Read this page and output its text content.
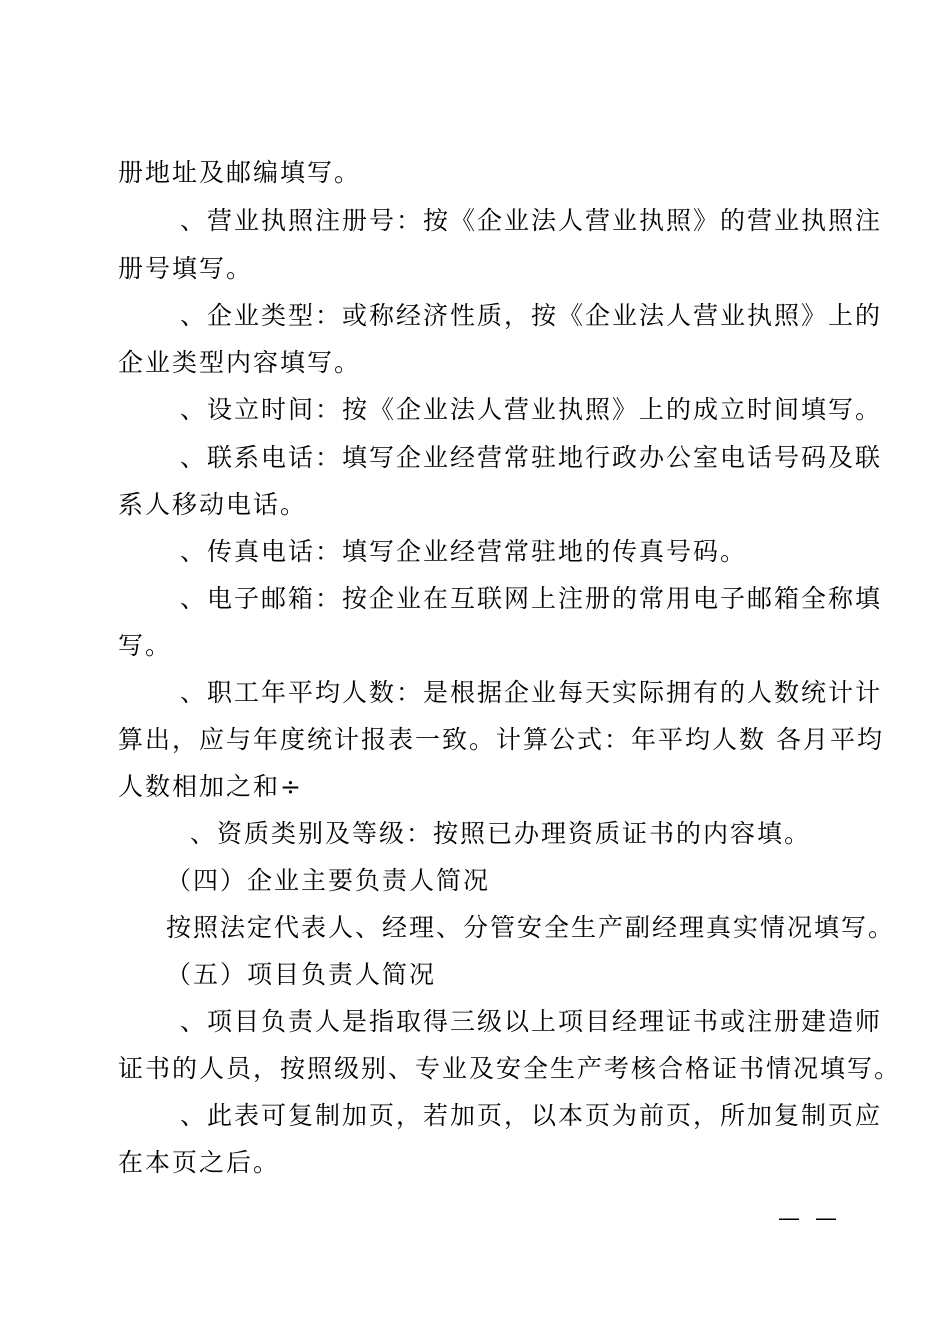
册地址及邮编填写。
、营业执照注册号：按《企业法人营业执照》的营业执照注
册号填写。
、企业类型：或称经济性质，按《企业法人营业执照》上的
企业类型内容填写。
、设立时间：按《企业法人营业执照》上的成立时间填写。
、联系电话：填写企业经营常驻地行政办公室电话号码及联
系人移动电话。
、传真电话：填写企业经营常驻地的传真号码。
、电子邮箱：按企业在互联网上注册的常用电子邮箱全称填
写。
、职工年平均人数：是根据企业每天实际拥有的人数统计计
算出，应与年度统计报表一致。计算公式：年平均人数 各月平均
人数相加之和÷
、资质类别及等级：按照已办理资质证书的内容填。
（四）企业主要负责人简况
按照法定代表人、经理、分管安全生产副经理真实情况填写。
（五）项目负责人简况
、项目负责人是指取得三级以上项目经理证书或注册建造师
证书的人员，按照级别、专业及安全生产考核合格证书情况填写。
、此表可复制加页，若加页，以本页为前页，所加复制页应
在本页之后。
— —
